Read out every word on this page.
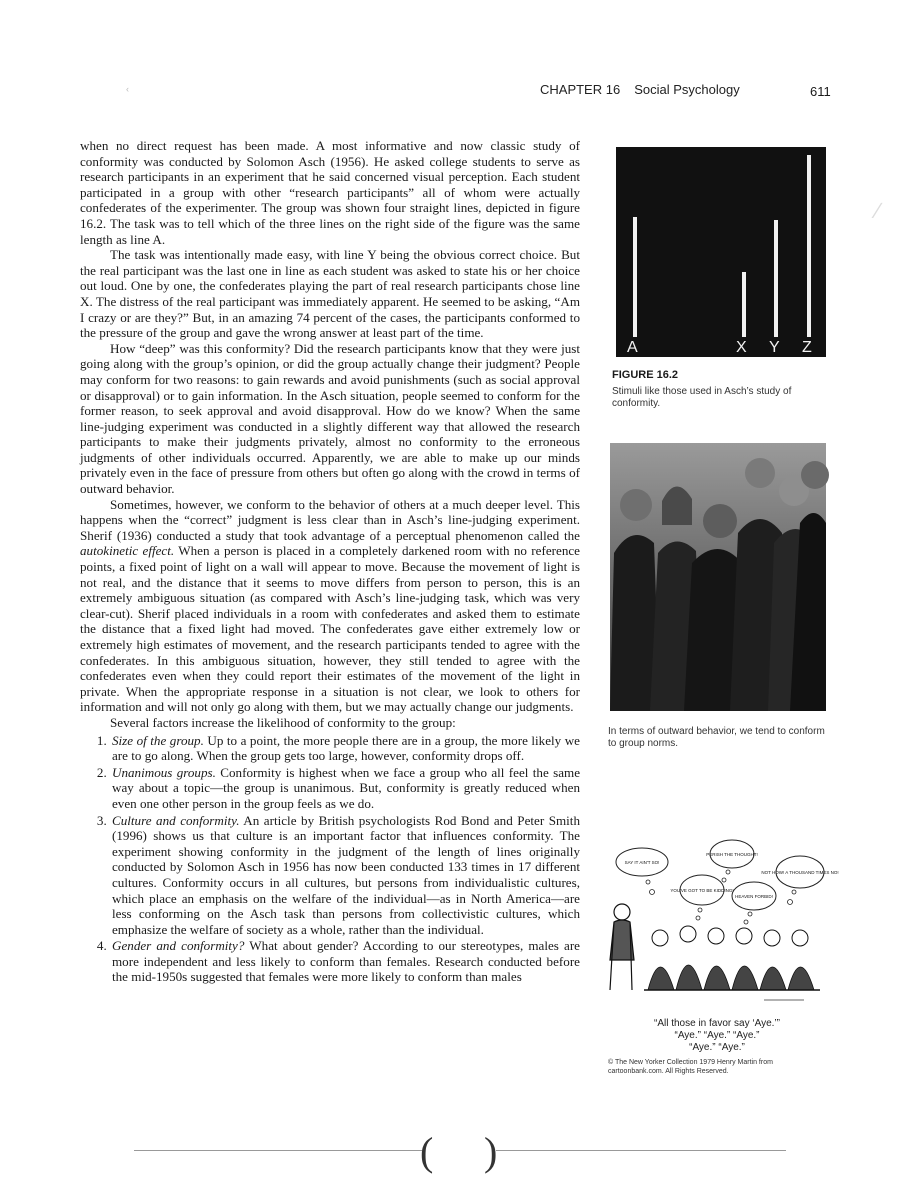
‹
∕
CHAPTER 16 Social Psychology	611

when no direct request has been made. A most informative and now classic study of conformity was conducted by Solomon Asch (1956). He asked college students to serve as research participants in an experiment that he said concerned visual perception. Each student participated in a group with other “research participants” all of whom were actually confederates of the experimenter. The group was shown four straight lines, depicted in figure 16.2. The task was to tell which of the three lines on the right side of the figure was the same length as line A.

The task was intentionally made easy, with line Y being the obvious correct choice. But the real participant was the last one in line as each student was asked to state his or her choice out loud. One by one, the confederates playing the part of real research participants chose line X. The distress of the real participant was immediately apparent. He seemed to be asking, “Am I crazy or are they?” But, in an amazing 74 percent of the cases, the participants conformed to the pressure of the group and gave the wrong answer at least part of the time.

How “deep” was this conformity? Did the research participants know that they were just going along with the group’s opinion, or did the group actually change their judgment? People may conform for two reasons: to gain rewards and avoid punishments (such as social approval or disapproval) or to gain information. In the Asch situation, people seemed to conform for the former reason, to seek approval and avoid disapproval. How do we know? When the same line-judging experiment was conducted in a slightly different way that allowed the research participants to make their judgments privately, almost no conformity to the erroneous judgments of other individuals occurred. Apparently, we are able to make up our minds privately even in the face of pressure from others but often go along with the crowd in terms of outward behavior.

Sometimes, however, we conform to the behavior of others at a much deeper level. This happens when the “correct” judgment is less clear than in Asch’s line-judging experiment. Sherif (1936) conducted a study that took advantage of a perceptual phenomenon called the autokinetic effect. When a person is placed in a completely darkened room with no reference points, a fixed point of light on a wall will appear to move. Because the movement of light is not real, and the distance that it seems to move differs from person to person, this is an extremely ambiguous situation (as compared with Asch’s line-judging task, which was very clear-cut). Sherif placed individuals in a room with confederates and asked them to estimate the distance that a fixed light had moved. The confederates gave either extremely low or extremely high estimates of movement, and the research participants tended to agree with the confederates. In this ambiguous situation, however, they still tended to agree with the confederates even when they could report their estimates of the movement of the light in private. When the appropriate response in a situation is not clear, we look to others for information and will not only go along with them, but we may actually change our judgments.

Several factors increase the likelihood of conformity to the group:

1. Size of the group. Up to a point, the more people there are in a group, the more likely we are to go along. When the group gets too large, however, conformity drops off.
2. Unanimous groups. Conformity is highest when we face a group who all feel the same way about a topic—the group is unanimous. But, conformity is greatly reduced when even one other person in the group feels as we do.
3. Culture and conformity. An article by British psychologists Rod Bond and Peter Smith (1996) shows us that culture is an important factor that influences conformity. The experiment showing conformity in the judgment of the length of lines originally conducted by Solomon Asch in 1956 has now been conducted 133 times in 17 different cultures. Conformity occurs in all cultures, but persons from individualistic cultures, which place an emphasis on the welfare of the individual—as in North America—are less conforming on the Asch task than persons from collectivistic cultures, which emphasize the welfare of society as a whole, rather than the individual.
4. Gender and conformity? What about gender? According to our stereotypes, males are more independent and less likely to conform than females. Research conducted before the mid-1950s suggested that females were more likely to conform than males
A	X Y Z
FIGURE 16.2
Stimuli like those used in Asch’s study of conformity.
In terms of outward behavior, we tend to conform to group norms.
SAY IT AIN'T SO!
PERISH THE THOUGHT!
NOT HOW! A THOUSAND TIMES NO!
YOU'VE GOT TO BE KIDDING!
HEAVEN FORBID!
“All those in favor say ‘Aye.’”
“Aye.” “Aye.” “Aye.”
“Aye.” “Aye.”
© The New Yorker Collection 1979 Henry Martin from cartoonbank.com. All Rights Reserved.
( )
